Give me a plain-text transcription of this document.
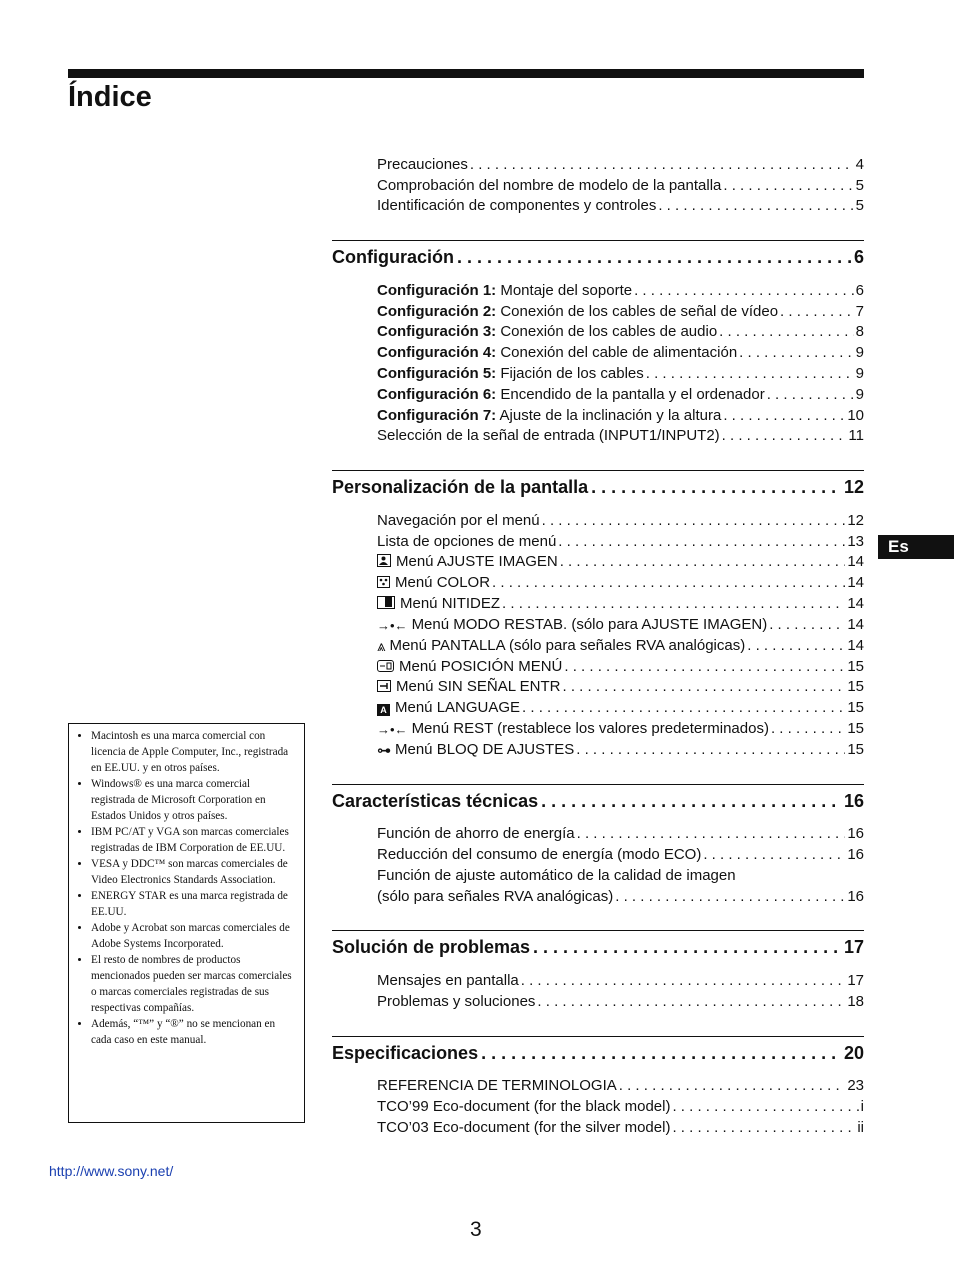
Índice
Es
Precauciones . . .	4
Comprobación del nombre de modelo de la pantalla . . .	5
Identificación de componentes y controles . . .	5
Configuración . . .	6
Configuración 1: Montaje del soporte . . .	6
Configuración 2: Conexión de los cables de señal de vídeo . . .	7
Configuración 3: Conexión de los cables de audio . . .	8
Configuración 4: Conexión del cable de alimentación . . .	9
Configuración 5: Fijación de los cables . . .	9
Configuración 6: Encendido de la pantalla y el ordenador . . .	9
Configuración 7: Ajuste de la inclinación y la altura . . .	10
Selección de la señal de entrada (INPUT1/INPUT2) . . .	11
Personalización de la pantalla . . .	12
Navegación por el menú . . .	12
Lista de opciones de menú . . .	13
Menú AJUSTE IMAGEN . . .	14
Menú COLOR . . .	14
Menú NITIDEZ . . .	14
→•← Menú MODO RESTAB. (sólo para AJUSTE IMAGEN) . . .	14
⩓ Menú PANTALLA (sólo para señales RVA analógicas) . . .	14
Menú POSICIÓN MENÚ . . .	15
Menú SIN SEÑAL ENTR . . .	15
A Menú LANGUAGE . . .	15
→•← Menú REST (restablece los valores predeterminados) . . .	15
⊶ Menú BLOQ DE AJUSTES . . .	15
Características técnicas . . .	16
Función de ahorro de energía . . .	16
Reducción del consumo de energía (modo ECO) . . .	16
Función de ajuste automático de la calidad de imagen
(sólo para señales RVA analógicas) . . .	16
Solución de problemas . . .	17
Mensajes en pantalla . . .	17
Problemas y soluciones . . .	18
Especificaciones . . .	20
REFERENCIA DE TERMINOLOGIA . . .	23
TCO’99 Eco-document (for the black model) . . .	i
TCO’03 Eco-document (for the silver model) . . .	ii
• Macintosh es una marca comercial con licencia de Apple Computer, Inc., registrada en EE.UU. y en otros países.
• Windows® es una marca comercial registrada de Microsoft Corporation en Estados Unidos y otros países.
• IBM PC/AT y VGA son marcas comerciales registradas de IBM Corporation de EE.UU.
• VESA y DDC™ son marcas comerciales de Video Electronics Standards Association.
• ENERGY STAR es una marca registrada de EE.UU.
• Adobe y Acrobat son marcas comerciales de Adobe Systems Incorporated.
• El resto de nombres de productos mencionados pueden ser marcas comerciales o marcas comerciales registradas de sus respectivas compañías.
• Además, “™” y “®” no se mencionan en cada caso en este manual.
http://www.sony.net/
3
